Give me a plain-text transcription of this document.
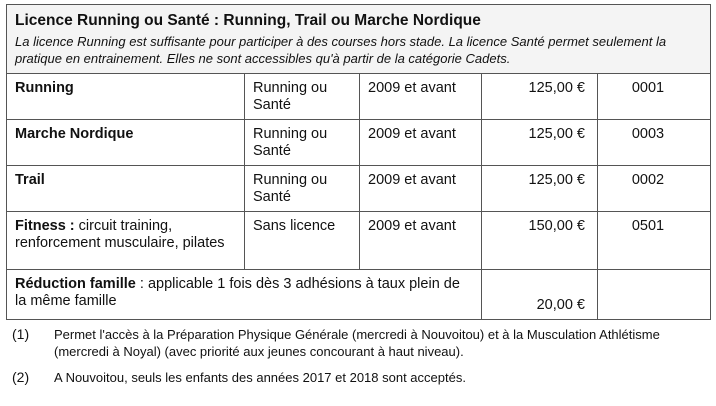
Licence Running ou Santé : Running, Trail ou Marche Nordique
La licence Running est suffisante pour participer à des courses hors stade. La licence Santé permet seulement la pratique en entrainement. Elles ne sont accessibles qu'à partir de la catégorie Cadets.				

Running	Running ou Santé	2009 et avant	125,00 €	0001
Marche Nordique	Running ou Santé	2009 et avant	125,00 €	0003
Trail	Running ou Santé	2009 et avant	125,00 €	0002
Fitness : circuit training, renforcement musculaire, pilates	Sans licence	2009 et avant	150,00 €	0501
Réduction famille : applicable 1 fois dès 3 adhésions à taux plein de la même famille			20,00 €	
(1)	Permet l'accès à la Préparation Physique Générale (mercredi à Nouvoitou) et à la Musculation Athlétisme (mercredi à Noyal) (avec priorité aux jeunes concourant à haut niveau).
(2)	A Nouvoitou, seuls les enfants des années 2017 et 2018 sont acceptés.
